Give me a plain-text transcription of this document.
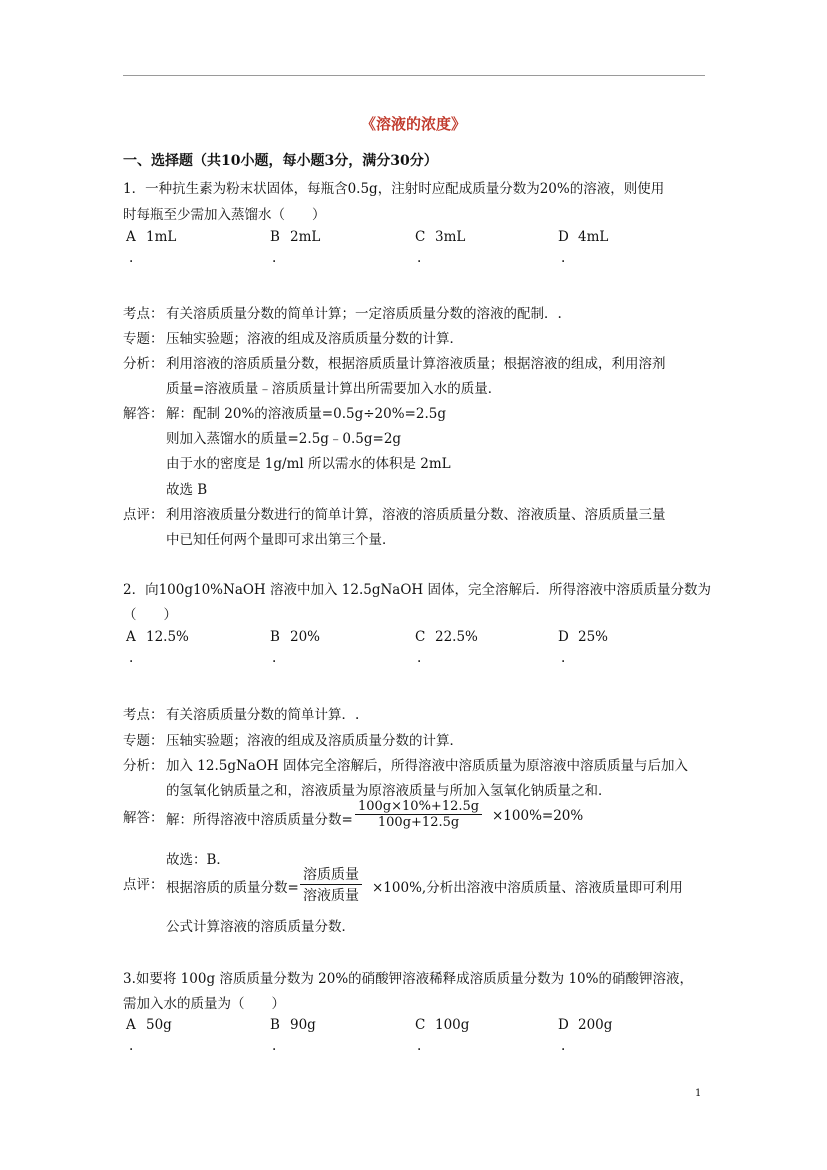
《溶液的浓度》
一、选择题（共10小题，每小题3分，满分30分）
1．一种抗生素为粉末状固体，每瓶含0.5g，注射时应配成质量分数为20%的溶液，则使用
时每瓶至少需加入蒸馏水（　　）
A 1mL	B 2mL	C 3mL	D 4mL
.	.	.	.
考点： 有关溶质质量分数的简单计算；一定溶质质量分数的溶液的配制．.
专题： 压轴实验题；溶液的组成及溶质质量分数的计算．
分析： 利用溶液的溶质质量分数，根据溶质质量计算溶液质量；根据溶液的组成，利用溶剂
质量=溶液质量﹣溶质质量计算出所需要加入水的质量．
解答： 解：配制 20%的溶液质量=0.5g÷20%=2.5g
则加入蒸馏水的质量=2.5g﹣0.5g=2g
由于水的密度是 1g/ml 所以需水的体积是 2mL
故选 B
点评： 利用溶液质量分数进行的简单计算，溶液的溶质质量分数、溶液质量、溶质质量三量
中已知任何两个量即可求出第三个量．
2．向100g10%NaOH 溶液中加入 12.5gNaOH 固体，完全溶解后．所得溶液中溶质质量分数为
（　　）
A 12.5%	B 20%	C 22.5%	D 25%
.	.	.	.
考点： 有关溶质质量分数的简单计算．.
专题： 压轴实验题；溶液的组成及溶质质量分数的计算．
分析： 加入 12.5gNaOH 固体完全溶解后，所得溶液中溶质质量为原溶液中溶质质量与后加入
的氢氧化钠质量之和，溶液质量为原溶液质量与所加入氢氧化钠质量之和．
解答： 解：所得溶液中溶质质量分数=
100g×10%+12.5g
100g+12.5g ×100%=20%
故选：B．
点评： 根据溶质的质量分数=
溶质质量
溶液质量 ×100%,分析出溶液中溶质质量、溶液质量即可利用
公式计算溶液的溶质质量分数．
3.如要将 100g 溶质质量分数为 20%的硝酸钾溶液稀释成溶质质量分数为 10%的硝酸钾溶液，
需加入水的质量为（　　）
A 50g	B 90g	C 100g	D 200g
.	.	.	.
1
